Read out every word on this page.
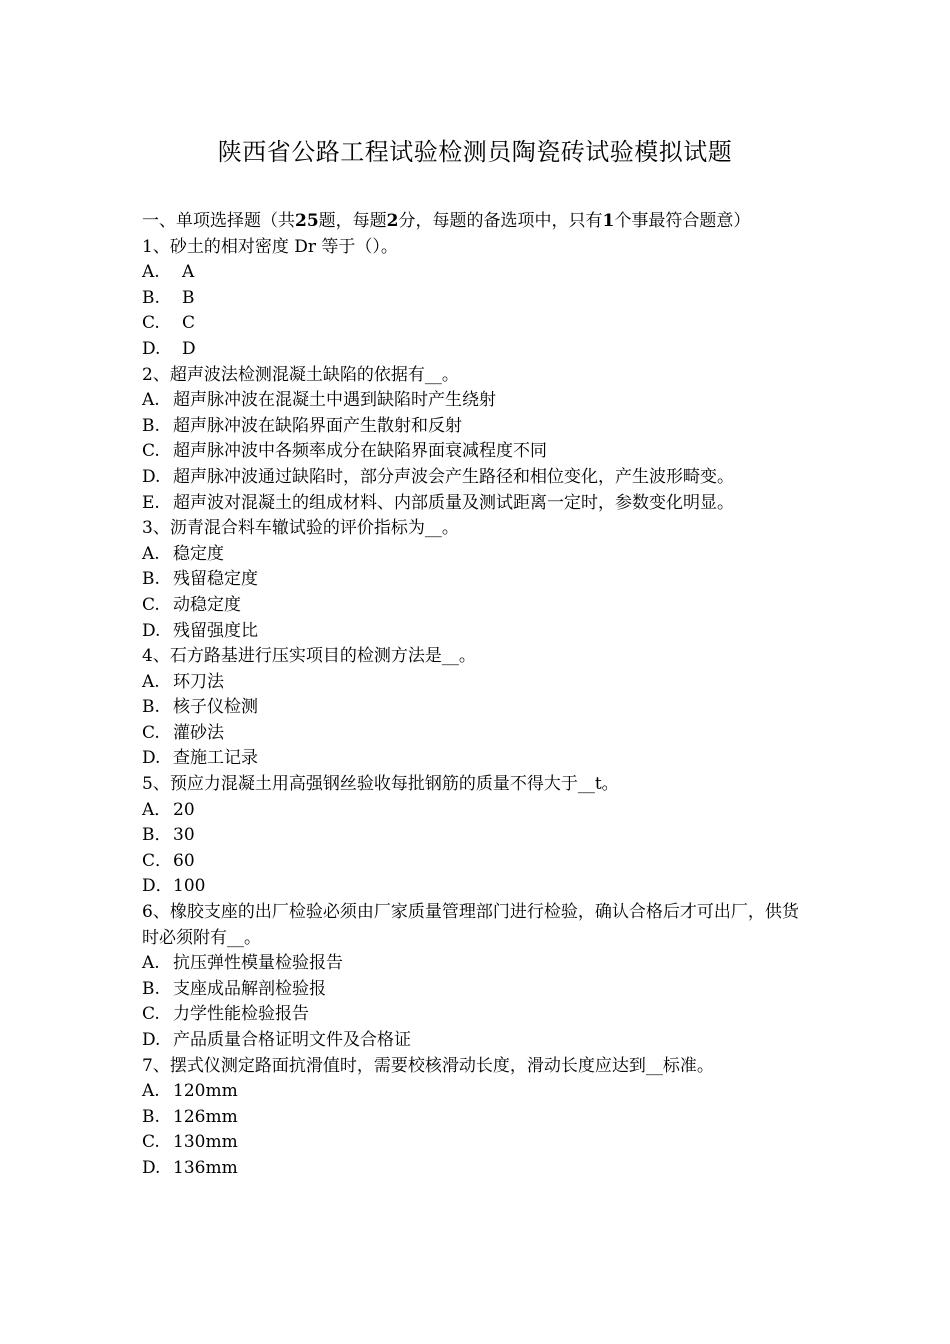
陕西省公路工程试验检测员陶瓷砖试验模拟试题
一、单项选择题（共25题，每题2分，每题的备选项中，只有1个事最符合题意）
1、砂土的相对密度 Dr 等于（）。
A.	A
B.	B
C.	C
D.	D
2、超声波法检测混凝土缺陷的依据有__。
A. 超声脉冲波在混凝土中遇到缺陷时产生绕射
B. 超声脉冲波在缺陷界面产生散射和反射
C. 超声脉冲波中各频率成分在缺陷界面衰减程度不同
D. 超声脉冲波通过缺陷时，部分声波会产生路径和相位变化，产生波形畸变。
E. 超声波对混凝土的组成材料、内部质量及测试距离一定时，参数变化明显。
3、沥青混合料车辙试验的评价指标为__。
A. 稳定度
B. 残留稳定度
C. 动稳定度
D. 残留强度比
4、石方路基进行压实项目的检测方法是__。
A. 环刀法
B. 核子仪检测
C. 灌砂法
D. 查施工记录
5、预应力混凝土用高强钢丝验收每批钢筋的质量不得大于__t。
A． 20
B． 30
C． 60
D． 100
6、橡胶支座的出厂检验必须由厂家质量管理部门进行检验，确认合格后才可出厂，供货时必须附有__。
A. 抗压弹性模量检验报告
B. 支座成品解剖检验报
C. 力学性能检验报告
D. 产品质量合格证明文件及合格证
7、摆式仪测定路面抗滑值时，需要校核滑动长度，滑动长度应达到__标准。
A. 120mm
B. 126mm
C. 130mm
D. 136mm
